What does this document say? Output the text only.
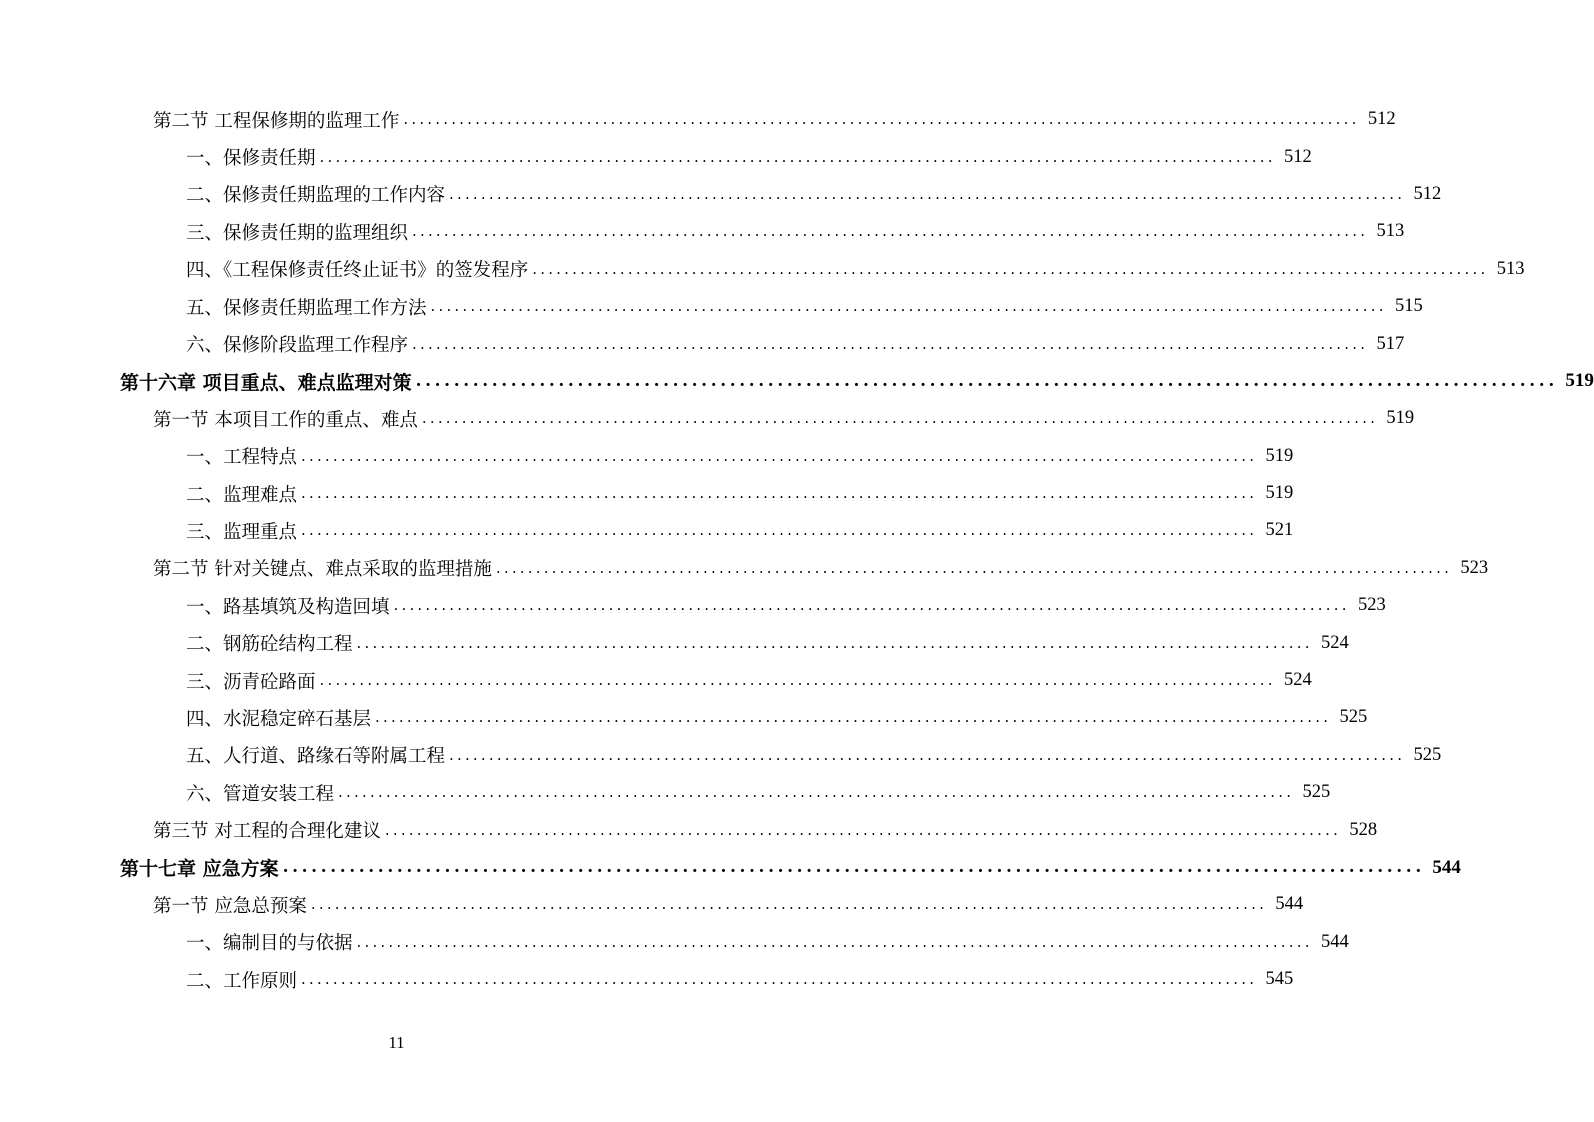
第二节 工程保修期的监理工作 ........................................................................................................................ 512
一、保修责任期 ........................................................................................................................ 512
二、保修责任期监理的工作内容 ........................................................................................................................ 512
三、保修责任期的监理组织 ........................................................................................................................ 513
四、《工程保修责任终止证书》的签发程序 ........................................................................................................................ 513
五、保修责任期监理工作方法 ........................................................................................................................ 515
六、保修阶段监理工作程序 ........................................................................................................................ 517
第十六章 项目重点、难点监理对策 ........................................................................................................................ 519
第一节 本项目工作的重点、难点 ........................................................................................................................ 519
一、工程特点 ........................................................................................................................ 519
二、监理难点 ........................................................................................................................ 519
三、监理重点 ........................................................................................................................ 521
第二节 针对关键点、难点采取的监理措施 ........................................................................................................................ 523
一、路基填筑及构造回填 ........................................................................................................................ 523
二、钢筋砼结构工程 ........................................................................................................................ 524
三、沥青砼路面 ........................................................................................................................ 524
四、水泥稳定碎石基层 ........................................................................................................................ 525
五、人行道、路缘石等附属工程 ........................................................................................................................ 525
六、管道安装工程 ........................................................................................................................ 525
第三节 对工程的合理化建议 ........................................................................................................................ 528
第十七章 应急方案 ........................................................................................................................ 544
第一节 应急总预案 ........................................................................................................................ 544
一、编制目的与依据 ........................................................................................................................ 544
二、工作原则 ........................................................................................................................ 545
11
